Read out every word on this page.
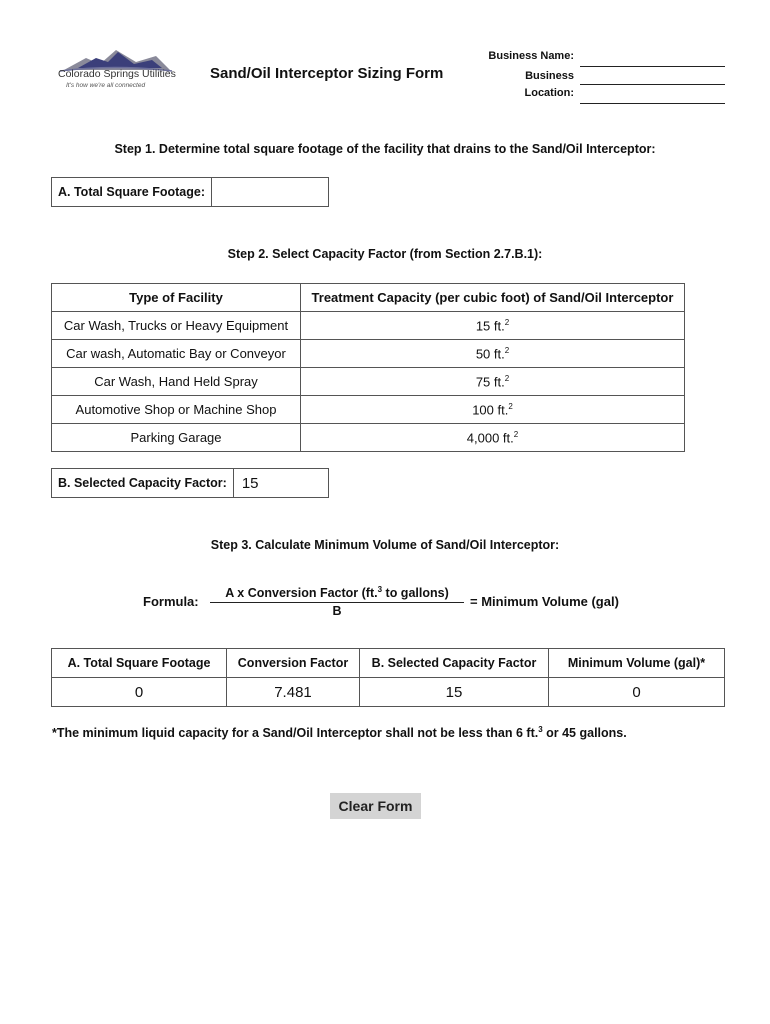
Colorado Springs Utilities
It's how we're all connected
Sand/Oil Interceptor Sizing Form
Business Name:
Business
Location:
Step 1. Determine total square footage of the facility that drains to the Sand/Oil Interceptor:
A. Total Square Footage:
Step 2. Select Capacity Factor (from Section 2.7.B.1):
Type of Facility	Treatment Capacity (per cubic foot) of Sand/Oil Interceptor
Car Wash, Trucks or Heavy Equipment	15 ft.$^2$
Car wash, Automatic Bay or Conveyor	50 ft.$^2$
Car Wash, Hand Held Spray	75 ft.$^2$
Automotive Shop or Machine Shop	100 ft.$^2$
Parking Garage	4,000 ft.$^2$
B. Selected Capacity Factor:	15
Step 3. Calculate Minimum Volume of Sand/Oil Interceptor:
Formula:
A x Conversion Factor (ft.$^3$ to gallons)
B
= Minimum Volume (gal)
A. Total Square Footage	Conversion Factor	B. Selected Capacity Factor	Minimum Volume (gal)*
0	7.481	15	0
*The minimum liquid capacity for a Sand/Oil Interceptor shall not be less than 6 ft.$^3$ or 45 gallons.
Clear Form
